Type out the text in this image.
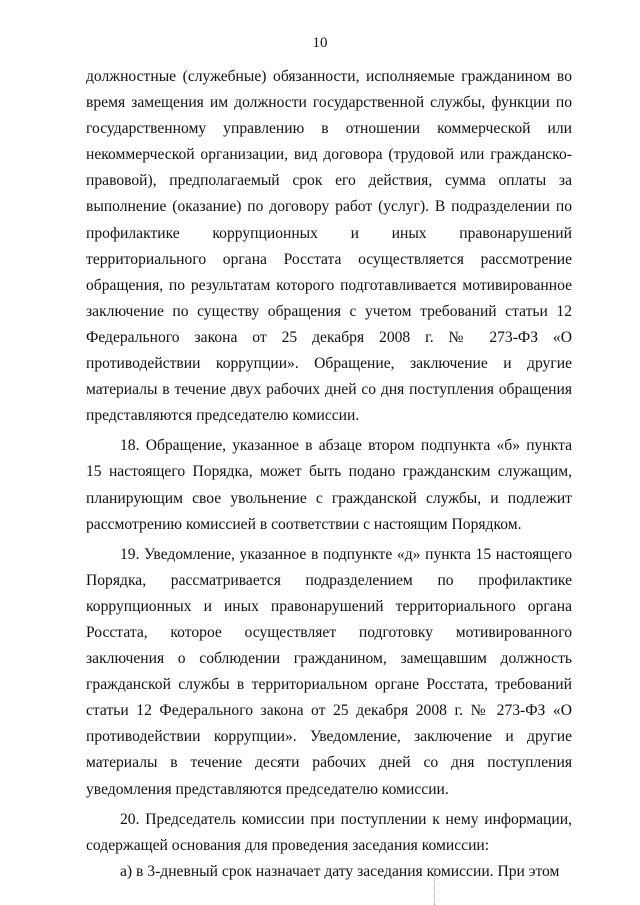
10

должностные (служебные) обязанности, исполняемые гражданином во время замещения им должности государственной службы, функции по государственному управлению в отношении коммерческой или некоммерческой организации, вид договора (трудовой или гражданско-правовой), предполагаемый срок его действия, сумма оплаты за выполнение (оказание) по договору работ (услуг). В подразделении по профилактике коррупционных и иных правонарушений территориального органа Росстата осуществляется рассмотрение обращения, по результатам которого подготавливается мотивированное заключение по существу обращения с учетом требований статьи 12 Федерального закона от 25 декабря 2008 г. № 273-ФЗ «О противодействии коррупции». Обращение, заключение и другие материалы в течение двух рабочих дней со дня поступления обращения представляются председателю комиссии.

18. Обращение, указанное в абзаце втором подпункта «б» пункта 15 настоящего Порядка, может быть подано гражданским служащим, планирующим свое увольнение с гражданской службы, и подлежит рассмотрению комиссией в соответствии с настоящим Порядком.

19. Уведомление, указанное в подпункте «д» пункта 15 настоящего Порядка, рассматривается подразделением по профилактике коррупционных и иных правонарушений территориального органа Росстата, которое осуществляет подготовку мотивированного заключения о соблюдении гражданином, замещавшим должность гражданской службы в территориальном органе Росстата, требований статьи 12 Федерального закона от 25 декабря 2008 г. № 273-ФЗ «О противодействии коррупции». Уведомление, заключение и другие материалы в течение десяти рабочих дней со дня поступления уведомления представляются председателю комиссии.

20. Председатель комиссии при поступлении к нему информации, содержащей основания для проведения заседания комиссии:

а) в 3-дневный срок назначает дату заседания комиссии. При этом
